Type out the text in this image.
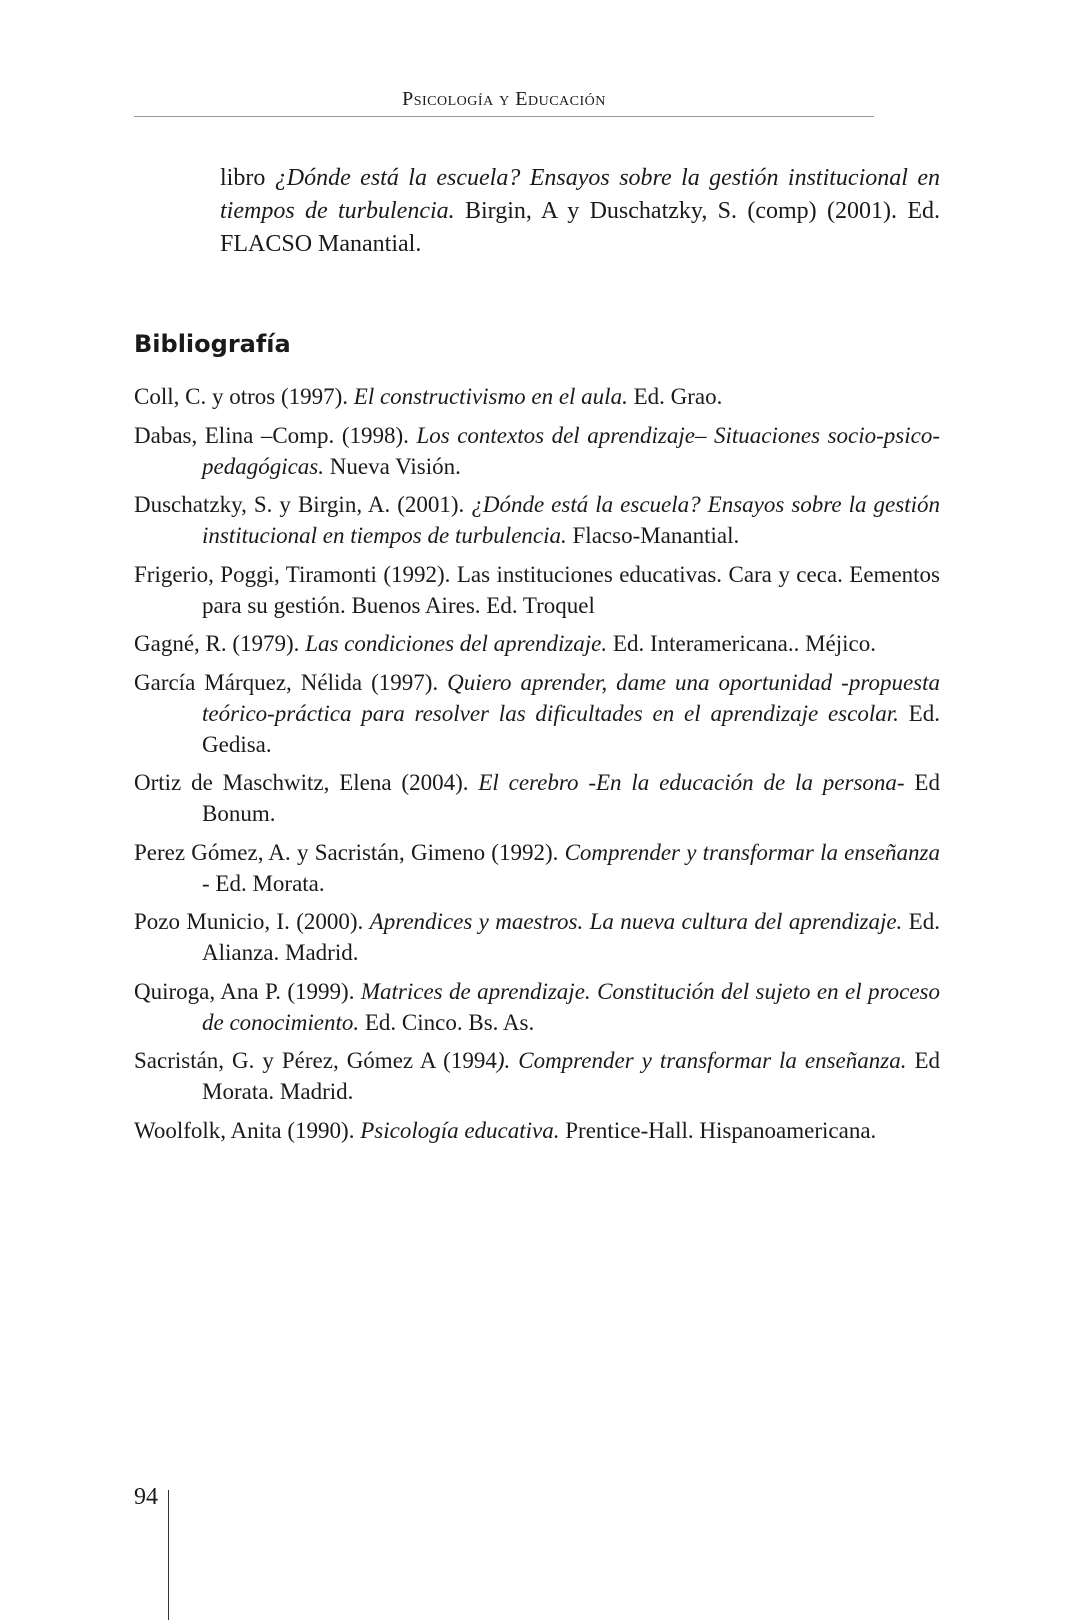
Psicología y Educación

libro ¿Dónde está la escuela? Ensayos sobre la gestión institucional en tiempos de turbulencia. Birgin, A y Duschatzky, S. (comp) (2001). Ed. FLACSO Manantial.

Bibliografía
Coll, C. y otros (1997). El constructivismo en el aula. Ed. Grao.
Dabas, Elina –Comp. (1998). Los contextos del aprendizaje– Situaciones socio-psico-pedagógicas. Nueva Visión.
Duschatzky, S. y Birgin, A. (2001). ¿Dónde está la escuela? Ensayos sobre la gestión institucional en tiempos de turbulencia. Flacso-Manantial.
Frigerio, Poggi, Tiramonti (1992). Las instituciones educativas. Cara y ceca. Eementos para su gestión. Buenos Aires. Ed. Troquel
Gagné, R. (1979). Las condiciones del aprendizaje. Ed. Interamericana.. Méjico.
García Márquez, Nélida (1997). Quiero aprender, dame una oportunidad -propuesta teórico-práctica para resolver las dificultades en el aprendizaje escolar. Ed. Gedisa.
Ortiz de Maschwitz, Elena (2004). El cerebro -En la educación de la persona- Ed Bonum.
Perez Gómez, A. y Sacristán, Gimeno (1992). Comprender y transformar la enseñanza - Ed. Morata.
Pozo Municio, I. (2000). Aprendices y maestros. La nueva cultura del aprendizaje. Ed. Alianza. Madrid.
Quiroga, Ana P. (1999). Matrices de aprendizaje. Constitución del sujeto en el proceso de conocimiento. Ed. Cinco. Bs. As.
Sacristán, G. y Pérez, Gómez A (1994). Comprender y transformar la enseñanza. Ed Morata. Madrid.
Woolfolk, Anita (1990). Psicología educativa. Prentice-Hall. Hispanoamericana.
94
